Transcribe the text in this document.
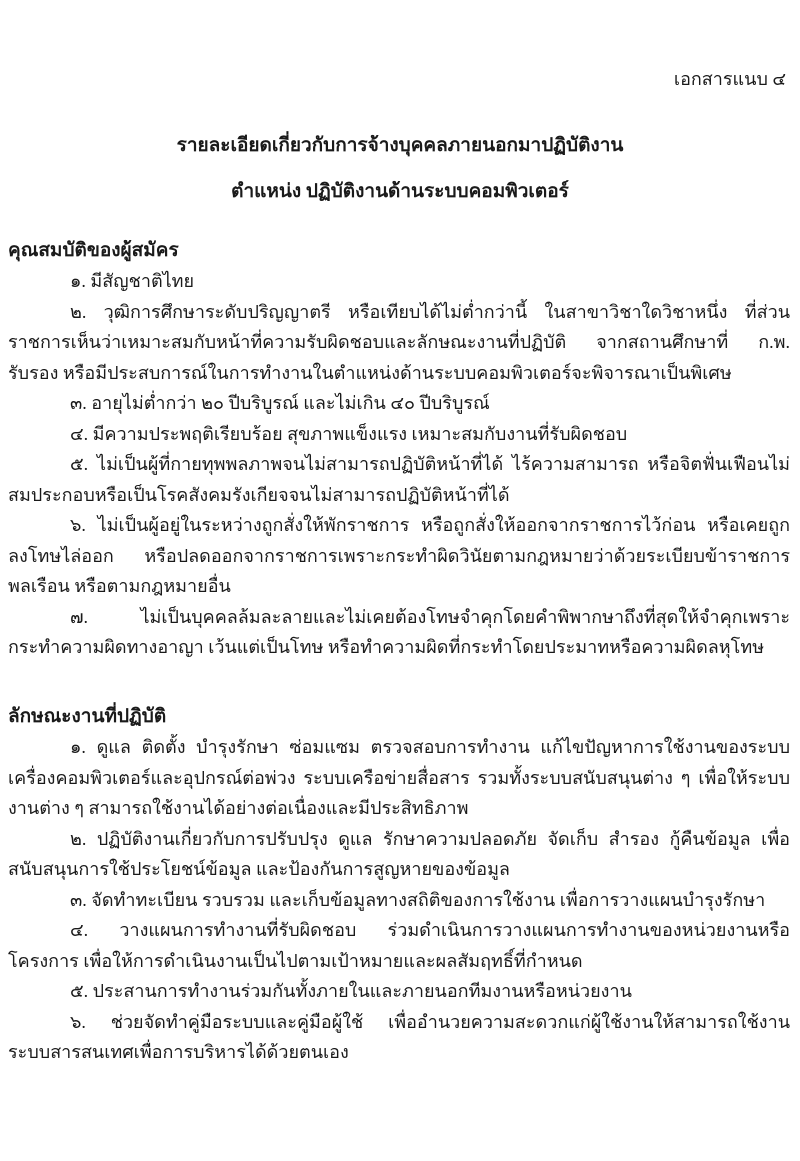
เอกสารแนบ ๔
รายละเอียดเกี่ยวกับการจ้างบุคคลภายนอกมาปฏิบัติงาน
ตำแหน่ง ปฏิบัติงานด้านระบบคอมพิวเตอร์
คุณสมบัติของผู้สมัคร

๑. มีสัญชาติไทย

๒. วุฒิการศึกษาระดับปริญญาตรี หรือเทียบได้ไม่ต่ำกว่านี้ ในสาขาวิชาใดวิชาหนึ่ง ที่ส่วนราชการเห็นว่าเหมาะสมกับหน้าที่ความรับผิดชอบและลักษณะงานที่ปฏิบัติ จากสถานศึกษาที่ ก.พ. รับรอง หรือมีประสบการณ์ในการทำงานในตำแหน่งด้านระบบคอมพิวเตอร์จะพิจารณาเป็นพิเศษ

๓. อายุไม่ต่ำกว่า ๒๐ ปีบริบูรณ์ และไม่เกิน ๔๐ ปีบริบูรณ์

๔. มีความประพฤติเรียบร้อย สุขภาพแข็งแรง เหมาะสมกับงานที่รับผิดชอบ

๕. ไม่เป็นผู้ที่กายทุพพลภาพจนไม่สามารถปฏิบัติหน้าที่ได้ ไร้ความสามารถ หรือจิตฟั่นเฟือนไม่สมประกอบหรือเป็นโรคสังคมรังเกียจจนไม่สามารถปฏิบัติหน้าที่ได้

๖. ไม่เป็นผู้อยู่ในระหว่างถูกสั่งให้พักราชการ หรือถูกสั่งให้ออกจากราชการไว้ก่อน หรือเคยถูกลงโทษไล่ออก หรือปลดออกจากราชการเพราะกระทำผิดวินัยตามกฎหมายว่าด้วยระเบียบข้าราชการพลเรือน หรือตามกฎหมายอื่น

๗. ไม่เป็นบุคคลล้มละลายและไม่เคยต้องโทษจำคุกโดยคำพิพากษาถึงที่สุดให้จำคุกเพราะกระทำความผิดทางอาญา เว้นแต่เป็นโทษ หรือทำความผิดที่กระทำโดยประมาทหรือความผิดลหุโทษ

ลักษณะงานที่ปฏิบัติ

๑. ดูแล ติดตั้ง บำรุงรักษา ซ่อมแซม ตรวจสอบการทำงาน แก้ไขปัญหาการใช้งานของระบบเครื่องคอมพิวเตอร์และอุปกรณ์ต่อพ่วง ระบบเครือข่ายสื่อสาร รวมทั้งระบบสนับสนุนต่าง ๆ เพื่อให้ระบบงานต่าง ๆ สามารถใช้งานได้อย่างต่อเนื่องและมีประสิทธิภาพ

๒. ปฏิบัติงานเกี่ยวกับการปรับปรุง ดูแล รักษาความปลอดภัย จัดเก็บ สำรอง กู้คืนข้อมูล เพื่อสนับสนุนการใช้ประโยชน์ข้อมูล และป้องกันการสูญหายของข้อมูล

๓. จัดทำทะเบียน รวบรวม และเก็บข้อมูลทางสถิติของการใช้งาน เพื่อการวางแผนบำรุงรักษา

๔. วางแผนการทำงานที่รับผิดชอบ ร่วมดำเนินการวางแผนการทำงานของหน่วยงานหรือโครงการ เพื่อให้การดำเนินงานเป็นไปตามเป้าหมายและผลสัมฤทธิ์ที่กำหนด

๕. ประสานการทำงานร่วมกันทั้งภายในและภายนอกทีมงานหรือหน่วยงาน

๖. ช่วยจัดทำคู่มือระบบและคู่มือผู้ใช้ เพื่ออำนวยความสะดวกแก่ผู้ใช้งานให้สามารถใช้งานระบบสารสนเทศเพื่อการบริหารได้ด้วยตนเอง
